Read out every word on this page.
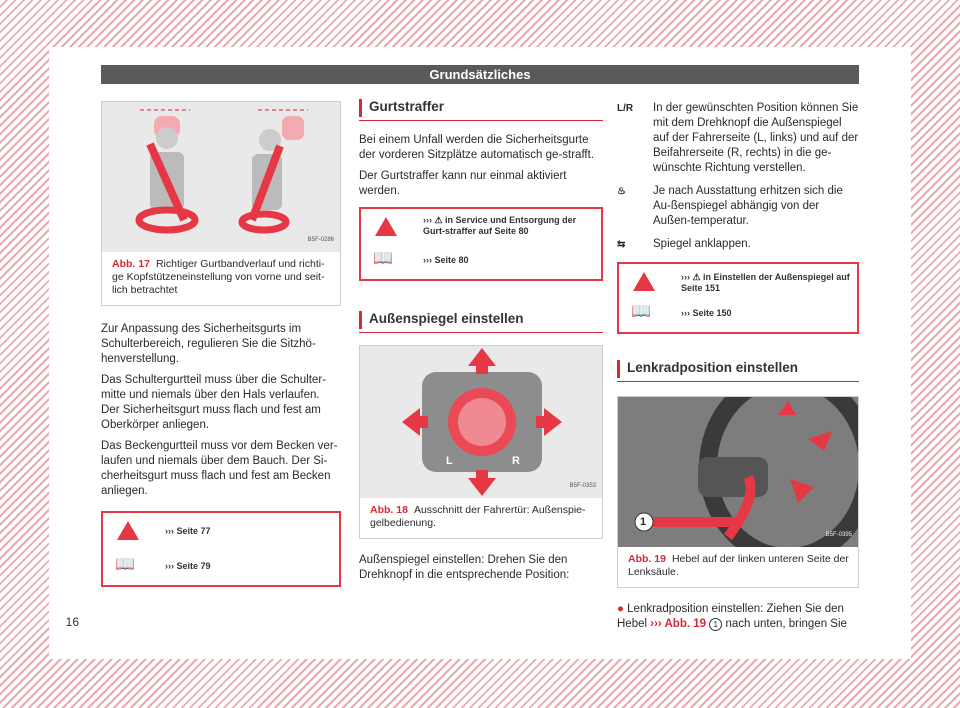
Grundsätzliches
16
B5F-0286
Abb. 17 Richtiger Gurtbandverlauf und richti-ge Kopfstützeneinstellung von vorne und seit-lich betrachtet

Zur Anpassung des Sicherheitsgurts im Schulterbereich, regulieren Sie die Sitzhö-henverstellung.

Das Schultergurtteil muss über die Schulter-mitte und niemals über den Hals verlaufen. Der Sicherheitsgurt muss flach und fest am Oberkörper anliegen.

Das Beckengurtteil muss vor dem Becken ver-laufen und niemals über dem Bauch. Der Si-cherheitsgurt muss flach und fest am Becken anliegen.

📖
››› Seite 77
››› Seite 79
Gurtstraffer

Bei einem Unfall werden die Sicherheitsgurte der vorderen Sitzplätze automatisch ge-strafft.

Der Gurtstraffer kann nur einmal aktiviert werden.

📖
››› ⚠ in Service und Entsorgung der Gurt-straffer auf Seite 80
››› Seite 80
Außenspiegel einstellen
L	R
B5F-0353
Abb. 18 Ausschnitt der Fahrertür: Außenspie-gelbedienung.

Außenspiegel einstellen: Drehen Sie den Drehknopf in die entsprechende Position:

L/R In der gewünschten Position können Sie mit dem Drehknopf die Außenspiegel auf der Fahrerseite (L, links) und auf der Beifahrerseite (R, rechts) in die ge-wünschte Richtung verstellen.
♨ Je nach Ausstattung erhitzen sich die Au-ßenspiegel abhängig von der Außen-temperatur.
⇆ Spiegel anklappen.
📖
››› ⚠ in Einstellen der Außenspiegel auf Seite 151
››› Seite 150
Lenkradposition einstellen
1
B5F-0395
Abb. 19 Hebel auf der linken unteren Seite der Lenksäule.

● Lenkradposition einstellen: Ziehen Sie den Hebel ››› Abb. 19 1 nach unten, bringen Sie
